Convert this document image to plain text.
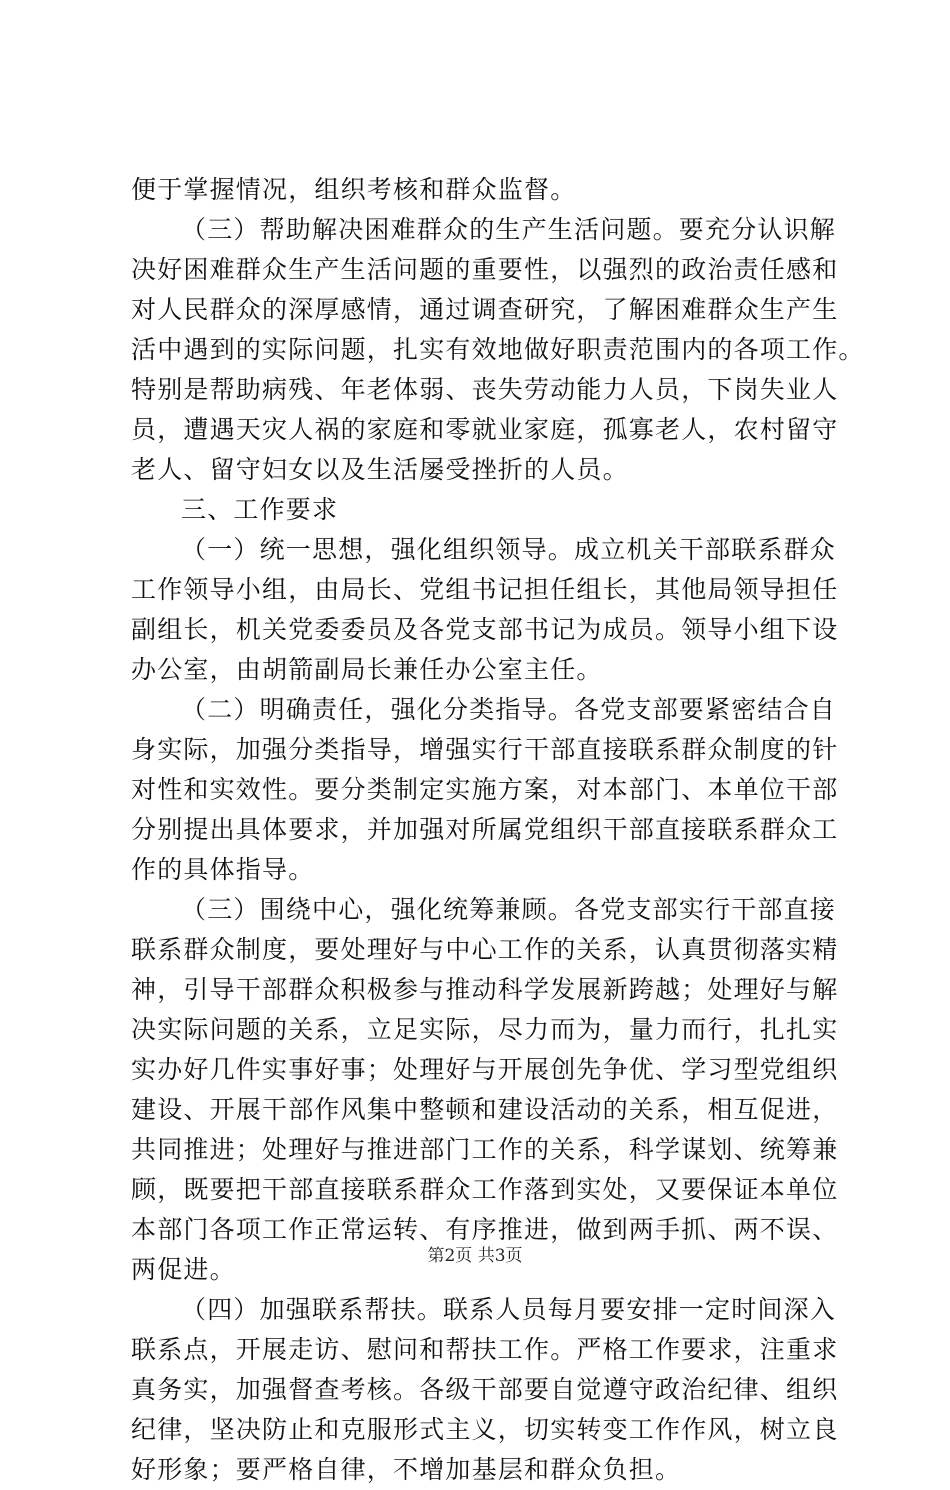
便于掌握情况，组织考核和群众监督。
（三）帮助解决困难群众的生产生活问题。要充分认识解
决好困难群众生产生活问题的重要性，以强烈的政治责任感和
对人民群众的深厚感情，通过调查研究，了解困难群众生产生
活中遇到的实际问题，扎实有效地做好职责范围内的各项工作。
特别是帮助病残、年老体弱、丧失劳动能力人员，下岗失业人
员，遭遇天灾人祸的家庭和零就业家庭，孤寡老人，农村留守
老人、留守妇女以及生活屡受挫折的人员。
三、工作要求
（一）统一思想，强化组织领导。成立机关干部联系群众
工作领导小组，由局长、党组书记担任组长，其他局领导担任
副组长，机关党委委员及各党支部书记为成员。领导小组下设
办公室，由胡箭副局长兼任办公室主任。
（二）明确责任，强化分类指导。各党支部要紧密结合自
身实际，加强分类指导，增强实行干部直接联系群众制度的针
对性和实效性。要分类制定实施方案，对本部门、本单位干部
分别提出具体要求，并加强对所属党组织干部直接联系群众工
作的具体指导。
（三）围绕中心，强化统筹兼顾。各党支部实行干部直接
联系群众制度，要处理好与中心工作的关系，认真贯彻落实精
神，引导干部群众积极参与推动科学发展新跨越；处理好与解
决实际问题的关系，立足实际，尽力而为，量力而行，扎扎实
实办好几件实事好事；处理好与开展创先争优、学习型党组织
建设、开展干部作风集中整顿和建设活动的关系，相互促进，
共同推进；处理好与推进部门工作的关系，科学谋划、统筹兼
顾，既要把干部直接联系群众工作落到实处，又要保证本单位
本部门各项工作正常运转、有序推进，做到两手抓、两不误、
两促进。
（四）加强联系帮扶。联系人员每月要安排一定时间深入
联系点，开展走访、慰问和帮扶工作。严格工作要求，注重求
真务实，加强督查考核。各级干部要自觉遵守政治纪律、组织
纪律，坚决防止和克服形式主义，切实转变工作作风，树立良
好形象；要严格自律，不增加基层和群众负担。
第2页 共3页
